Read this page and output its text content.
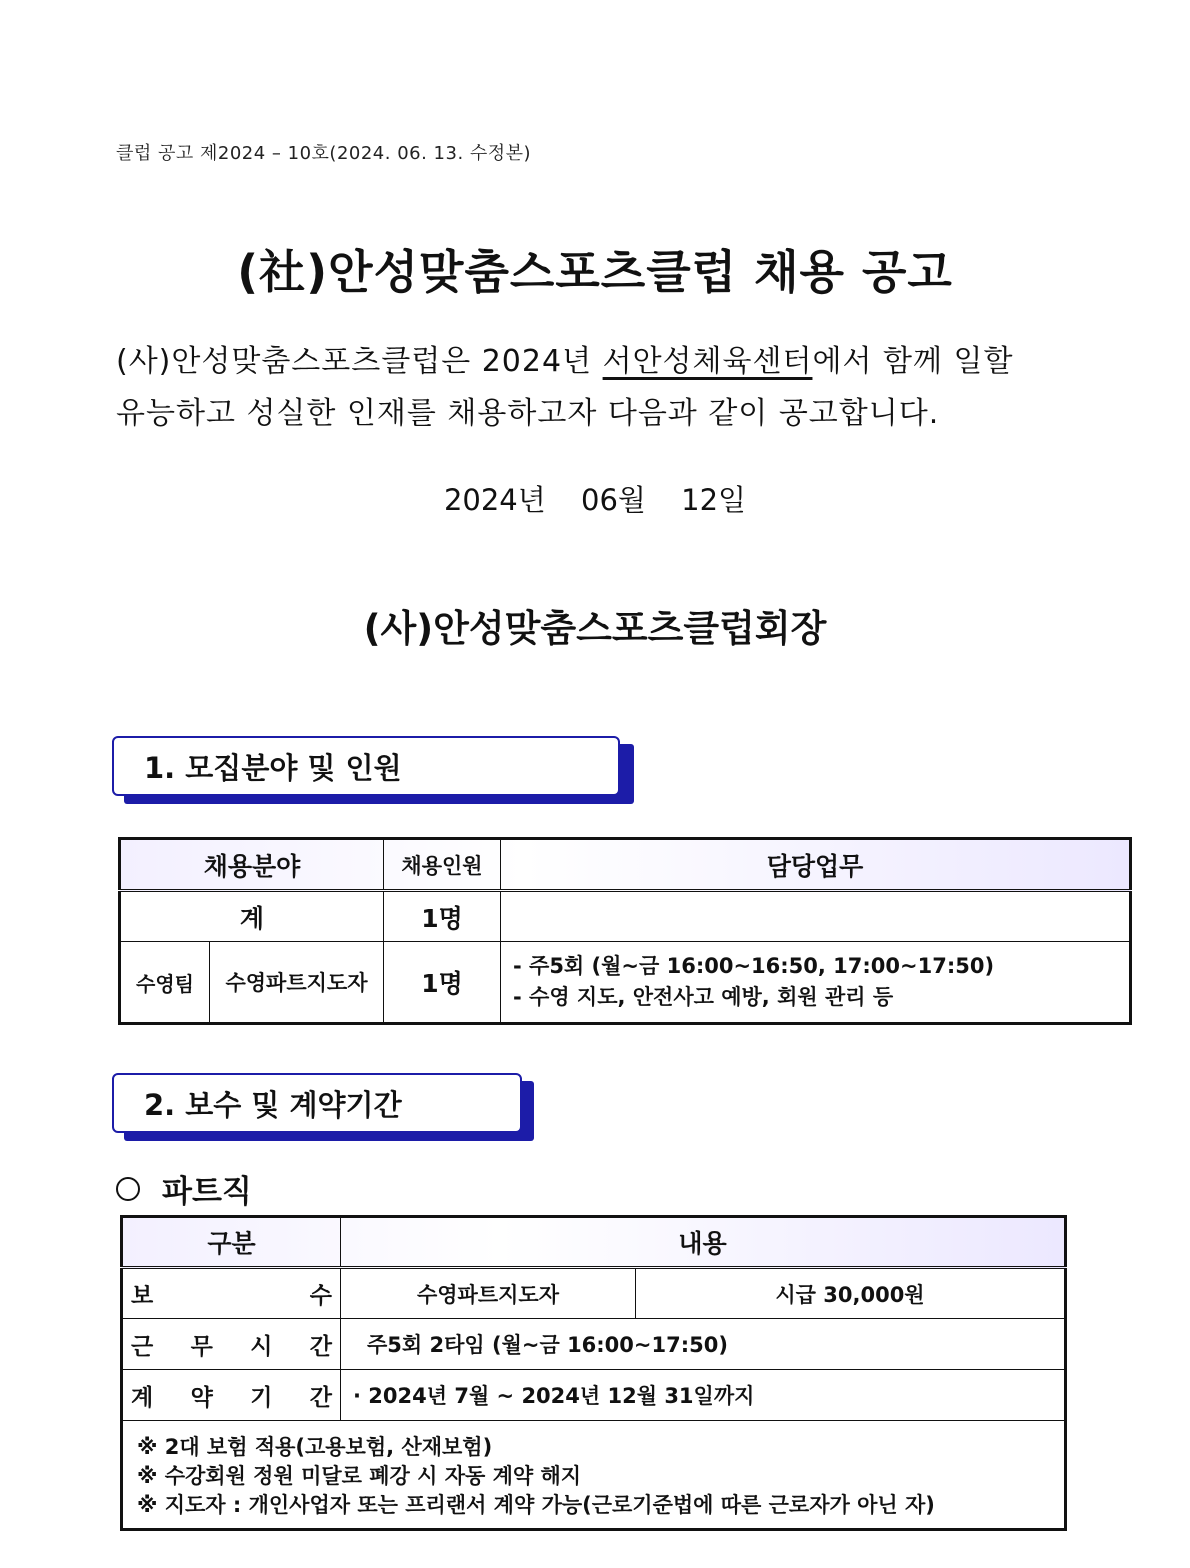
클럽 공고 제2024 – 10호(2024. 06. 13. 수정본)
(社)안성맞춤스포츠클럽 채용 공고
(사)안성맞춤스포츠클럽은 2024년 서안성체육센터에서 함께 일할
유능하고 성실한 인재를 채용하고자 다음과 같이 공고합니다.
2024년 06월 12일
(사)안성맞춤스포츠클럽회장
1. 모집분야 및 인원
채용분야		채용인원	담당업무
계		1명	
수영팀	수영파트지도자	1명	- 주5회 (월~금 16:00~16:50, 17:00~17:50)
- 수영 지도, 안전사고 예방, 회원 관리 등
2. 보수 및 계약기간
파트직
구분	내용	

보 수	수영파트지도자	시급 30,000원

근 무 시 간	주5회 2타임 (월~금 16:00~17:50)	

계 약 기 간	· 2024년 7월 ~ 2024년 12월 31일까지	

※ 2대 보험 적용(고용보험, 산재보험)
※ 수강회원 정원 미달로 폐강 시 자동 계약 해지
※ 지도자 : 개인사업자 또는 프리랜서 계약 가능(근로기준법에 따른 근로자가 아닌 자)		
